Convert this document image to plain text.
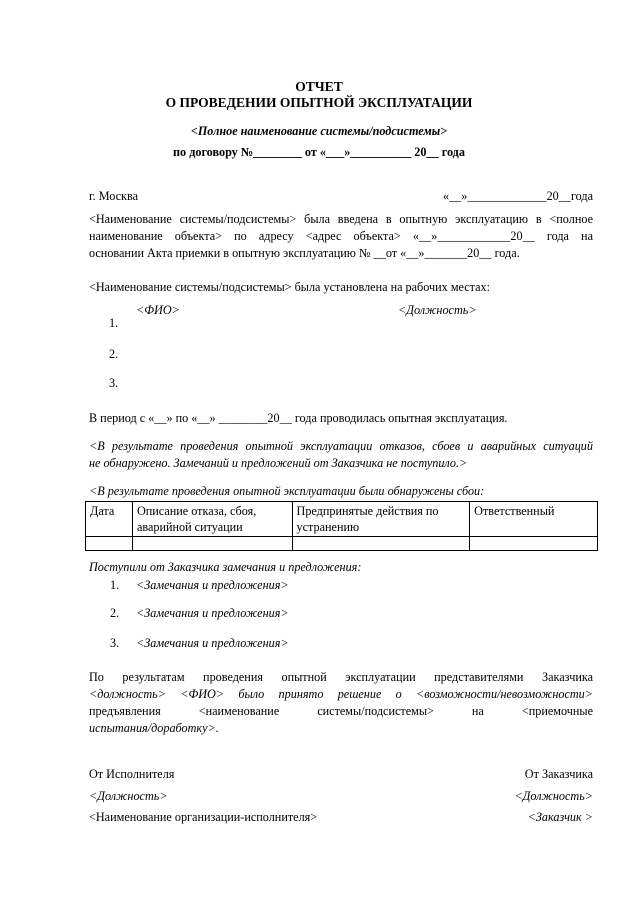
ОТЧЕТ
О ПРОВЕДЕНИИ ОПЫТНОЙ ЭКСПЛУАТАЦИИ
<Полное наименование системы/подсистемы>
по договору №________ от «___»__________ 20__ года
г. Москва	«__»_____________20__года
<Наименование системы/подсистемы> была введена в опытную эксплуатацию в <полное
наименование объекта> по адресу <адрес объекта> «__»____________20__ года на
основании Акта приемки в опытную эксплуатацию № __от «__»_______20__ года.
<Наименование системы/подсистемы> была установлена на рабочих местах:
<ФИО>	<Должность>
1.
2.
3.
В период с «__» по «__» ________20__ года проводилась опытная эксплуатация.
<В результате проведения опытной эксплуатации отказов, сбоев и аварийных ситуаций
не обнаружено. Замечаний и предложений от Заказчика не поступило.>
<В результате проведения опытной эксплуатации были обнаружены сбои:
Дата	Описание отказа, сбоя, аварийной ситуации	Предпринятые действия по устранению	Ответственный

Поступили от Заказчика замечания и предложения:
1. <Замечания и предложения>
2. <Замечания и предложения>
3. <Замечания и предложения>
По результатам проведения опытной эксплуатации представителями Заказчика
<должность> <ФИО> было принято решение о <возможности/невозможности>
предъявления <наименование системы/подсистемы> на <приемочные
испытания/доработку>.
От Исполнителя	От Заказчика
<Должность>	<Должность>
<Наименование организации-исполнителя>	<Заказчик >
